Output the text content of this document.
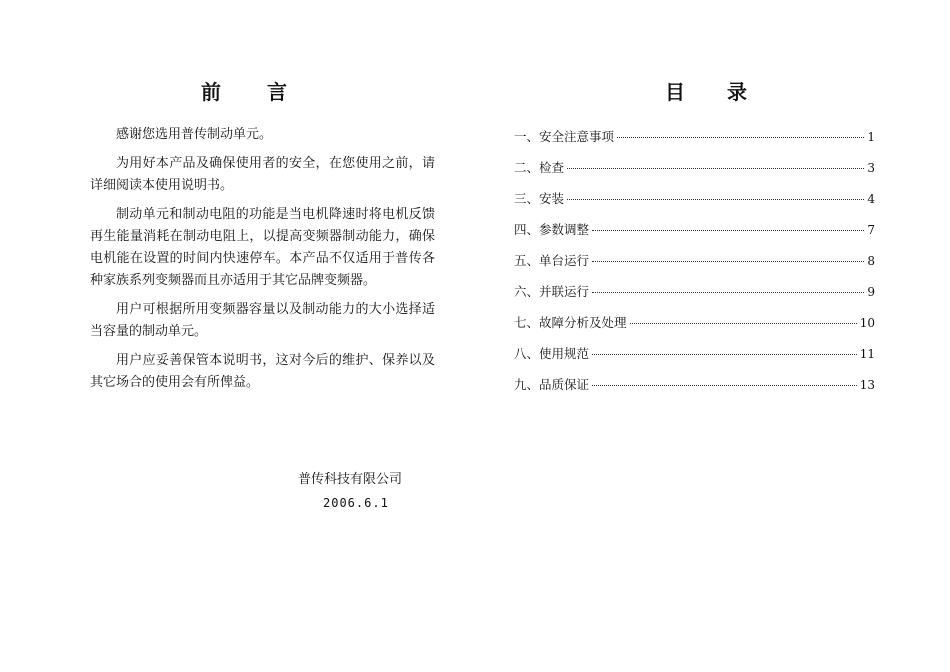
前 言

感谢您选用普传制动单元。

为用好本产品及确保使用者的安全，在您使用之前，请详细阅读本使用说明书。

制动单元和制动电阻的功能是当电机降速时将电机反馈再生能量消耗在制动电阻上，以提高变频器制动能力，确保电机能在设置的时间内快速停车。本产品不仅适用于普传各种家族系列变频器而且亦适用于其它品牌变频器。

用户可根据所用变频器容量以及制动能力的大小选择适当容量的制动单元。

用户应妥善保管本说明书，这对今后的维护、保养以及其它场合的使用会有所俾益。

普传科技有限公司
2006.6.1
目 录
一、安全注意事项	1
二、检查	3
三、安装	4
四、参数调整	7
五、单台运行	8
六、并联运行	9
七、故障分析及处理	10
八、使用规范	11
九、品质保证	13
